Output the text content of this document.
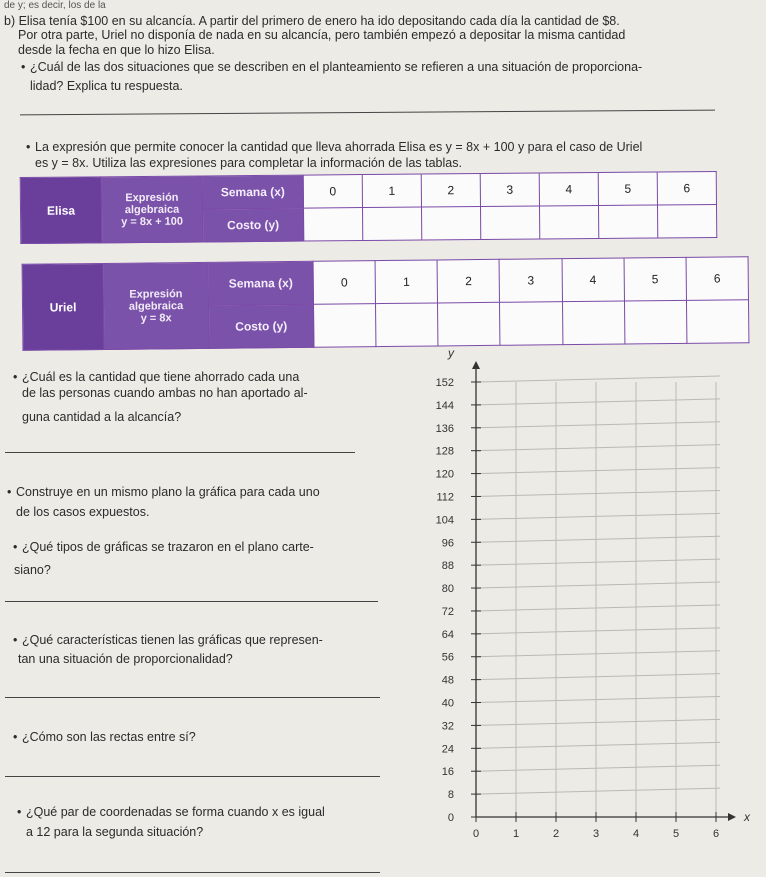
de y; es decir, los de la
b) Elisa tenía $100 en su alcancía. A partir del primero de enero ha ido depositando cada día la cantidad de $8.
Por otra parte, Uriel no disponía de nada en su alcancía, pero también empezó a depositar la misma cantidad
desde la fecha en que lo hizo Elisa.
• ¿Cuál de las dos situaciones que se describen en el planteamiento se refieren a una situación de proporciona-
lidad? Explica tu respuesta.
• La expresión que permite conocer la cantidad que lleva ahorrada Elisa es y = 8x + 100 y para el caso de Uriel
es y = 8x. Utiliza las expresiones para completar la información de las tablas.
Elisa	Expresión
algebraica
y = 8x + 100	Semana (x)	0	1	2	3	4	5	6
		Costo (y)							
Uriel	Expresión
algebraica
y = 8x	Semana (x)	0	1	2	3	4	5	6
		Costo (y)							
• ¿Cuál es la cantidad que tiene ahorrado cada una
de las personas cuando ambas no han aportado al-
guna cantidad a la alcancía?
• Construye en un mismo plano la gráfica para cada uno
de los casos expuestos.
• ¿Qué tipos de gráficas se trazaron en el plano carte-
siano?
• ¿Qué características tienen las gráficas que represen-
tan una situación de proporcionalidad?
• ¿Cómo son las rectas entre sí?
• ¿Qué par de coordenadas se forma cuando x es igual
a 12 para la segunda situación?
0
8
16
24
32
40
48
56
64
72
80
88
96
104
112
120
128
136
144
152
0	1	2	3	4	5	6
y
x
